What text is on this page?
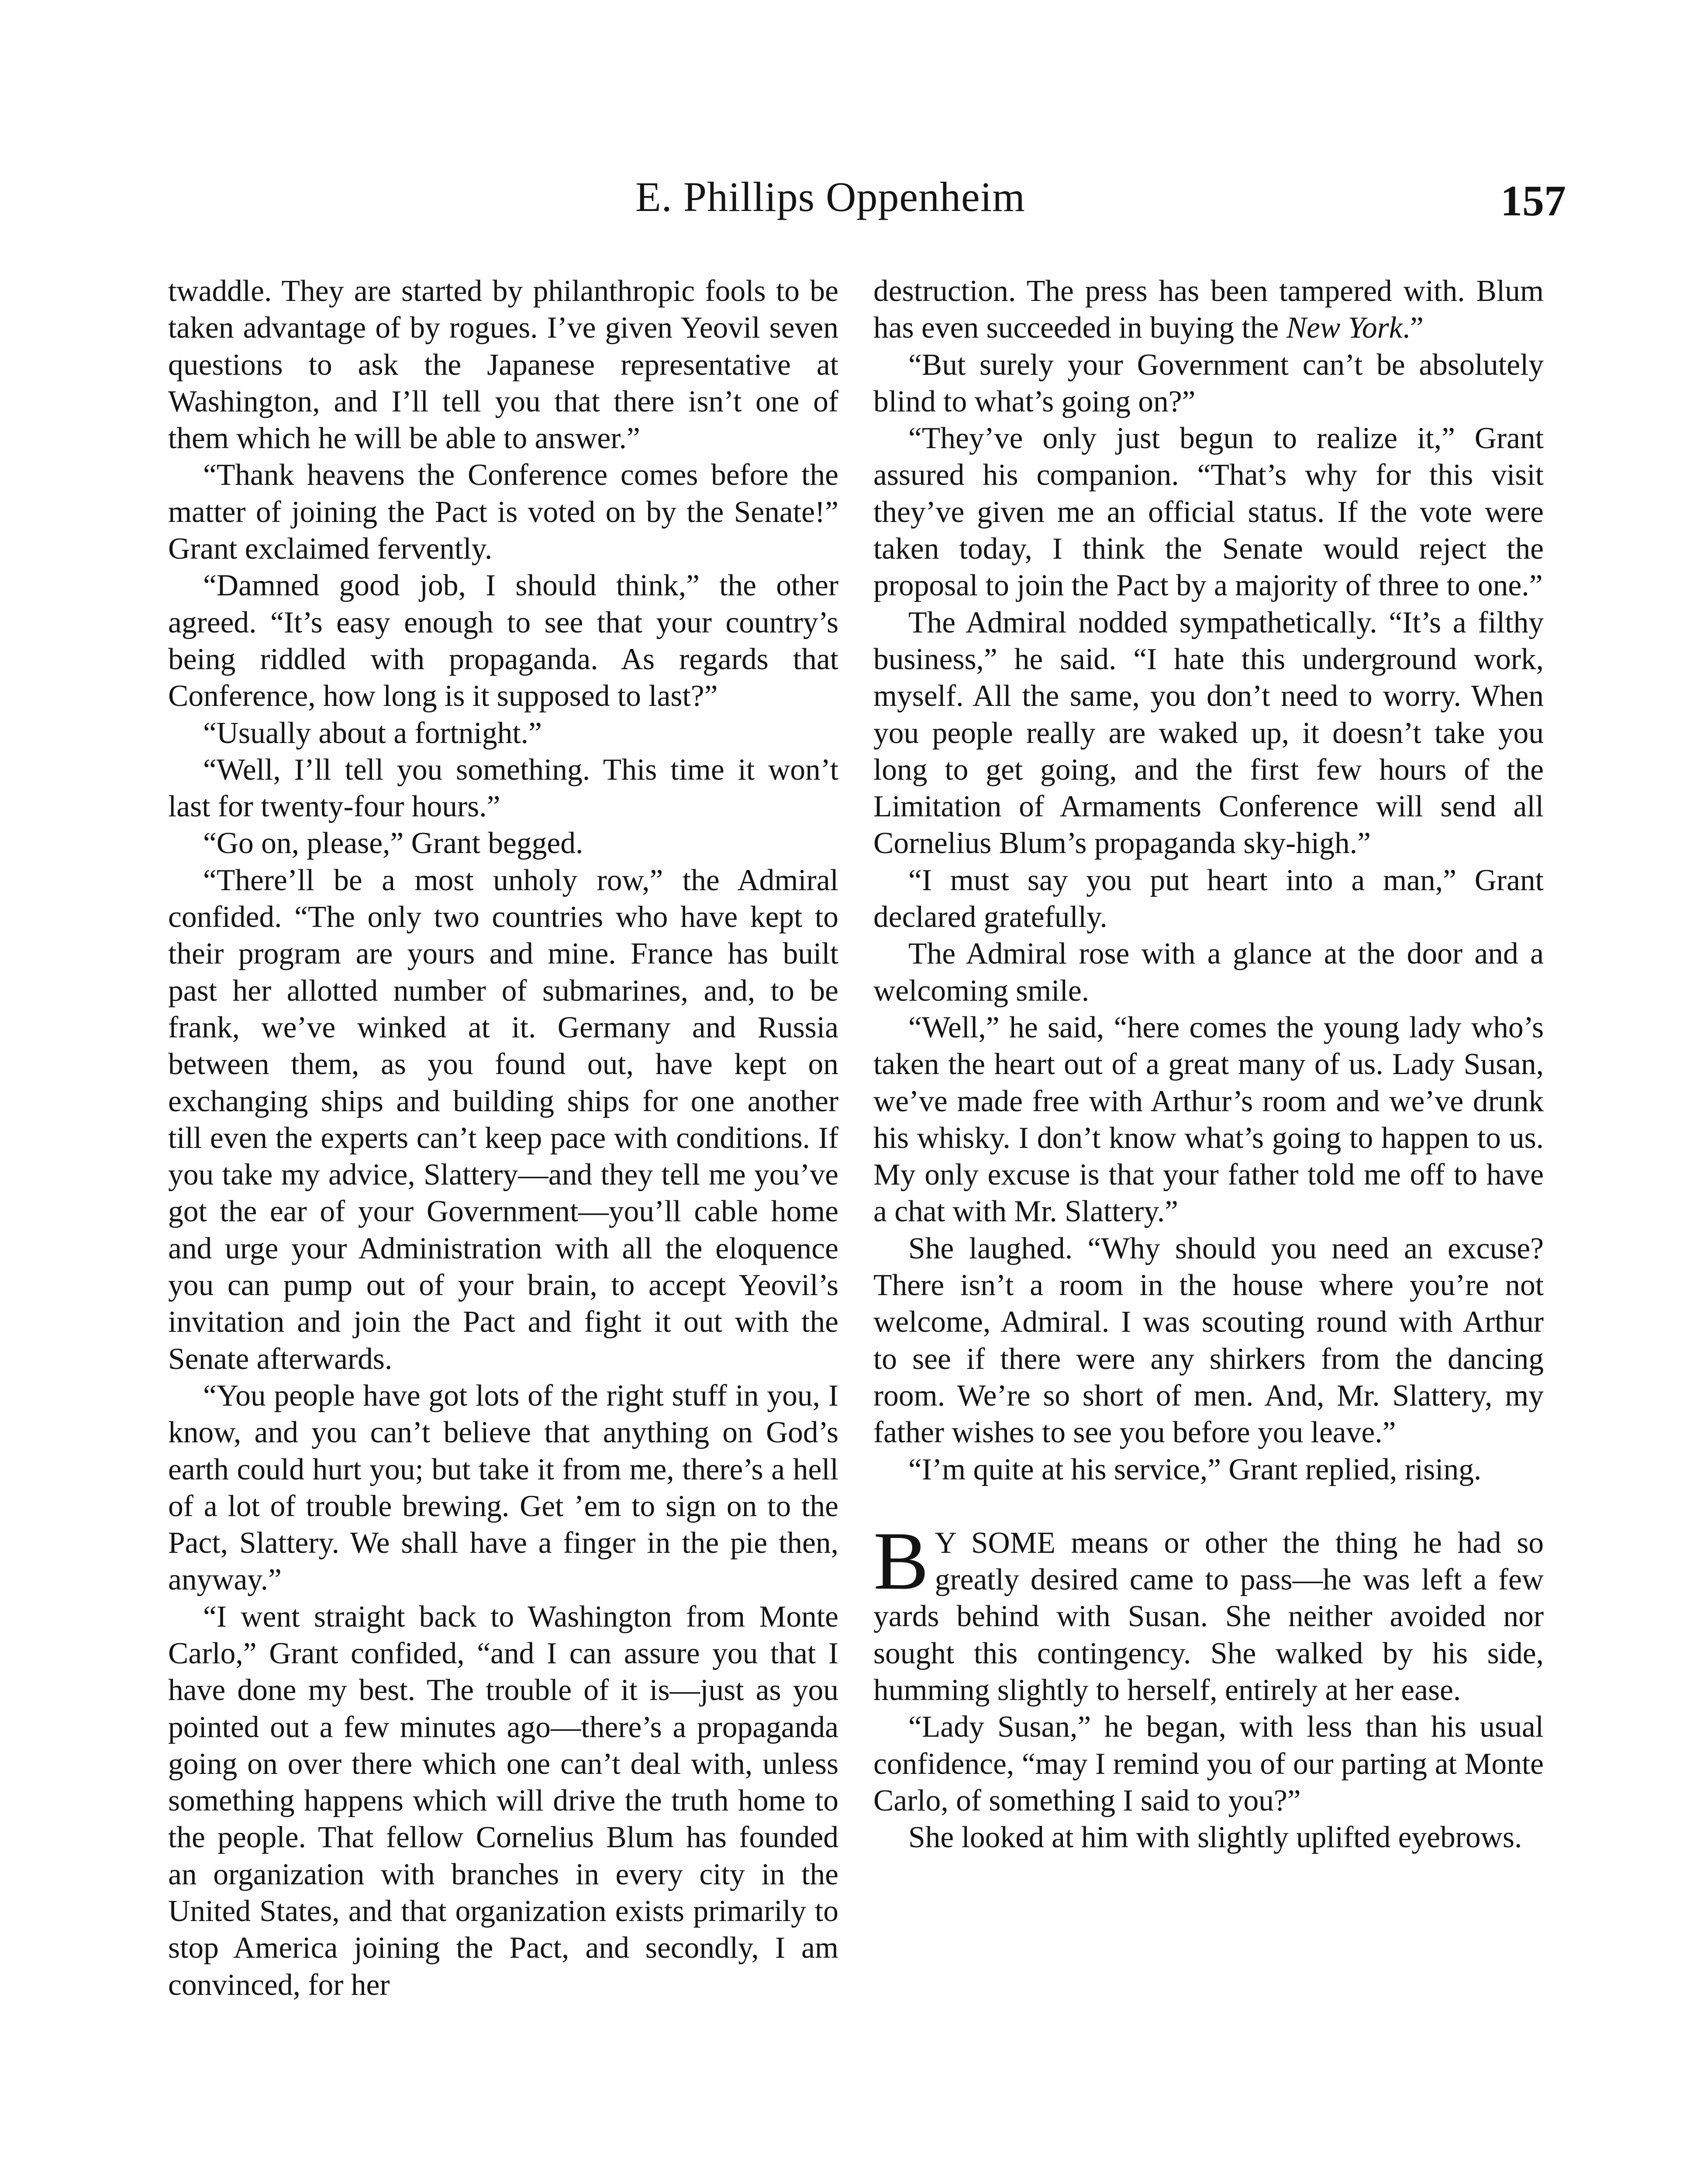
E. Phillips Oppenheim	157

twaddle. They are started by philanthropic fools to be taken advantage of by rogues. I’ve given Yeovil seven questions to ask the Japanese representative at Washington, and I’ll tell you that there isn’t one of them which he will be able to answer.”

“Thank heavens the Conference comes before the matter of joining the Pact is voted on by the Senate!” Grant exclaimed fervently.

“Damned good job, I should think,” the other agreed. “It’s easy enough to see that your country’s being riddled with propaganda. As regards that Conference, how long is it supposed to last?”

“Usually about a fortnight.”

“Well, I’ll tell you something. This time it won’t last for twenty-four hours.”

“Go on, please,” Grant begged.

“There’ll be a most unholy row,” the Admiral confided. “The only two countries who have kept to their program are yours and mine. France has built past her allotted number of submarines, and, to be frank, we’ve winked at it. Germany and Russia between them, as you found out, have kept on exchanging ships and building ships for one another till even the experts can’t keep pace with conditions. If you take my advice, Slattery—and they tell me you’ve got the ear of your Government—you’ll cable home and urge your Administration with all the eloquence you can pump out of your brain, to accept Yeovil’s invitation and join the Pact and fight it out with the Senate afterwards.

“You people have got lots of the right stuff in you, I know, and you can’t believe that anything on God’s earth could hurt you; but take it from me, there’s a hell of a lot of trouble brewing. Get ’em to sign on to the Pact, Slattery. We shall have a finger in the pie then, anyway.”

“I went straight back to Washington from Monte Carlo,” Grant confided, “and I can assure you that I have done my best. The trouble of it is—just as you pointed out a few minutes ago—there’s a propaganda going on over there which one can’t deal with, unless something happens which will drive the truth home to the people. That fellow Cornelius Blum has founded an organization with branches in every city in the United States, and that organization exists primarily to stop America joining the Pact, and secondly, I am convinced, for her

destruction. The press has been tampered with. Blum has even succeeded in buying the New York.”

“But surely your Government can’t be absolutely blind to what’s going on?”

“They’ve only just begun to realize it,” Grant assured his companion. “That’s why for this visit they’ve given me an official status. If the vote were taken today, I think the Senate would reject the proposal to join the Pact by a majority of three to one.”

The Admiral nodded sympathetically. “It’s a filthy business,” he said. “I hate this underground work, myself. All the same, you don’t need to worry. When you people really are waked up, it doesn’t take you long to get going, and the first few hours of the Limitation of Armaments Conference will send all Cornelius Blum’s propaganda sky-high.”

“I must say you put heart into a man,” Grant declared gratefully.

The Admiral rose with a glance at the door and a welcoming smile.

“Well,” he said, “here comes the young lady who’s taken the heart out of a great many of us. Lady Susan, we’ve made free with Arthur’s room and we’ve drunk his whisky. I don’t know what’s going to happen to us. My only excuse is that your father told me off to have a chat with Mr. Slattery.”

She laughed. “Why should you need an excuse? There isn’t a room in the house where you’re not welcome, Admiral. I was scouting round with Arthur to see if there were any shirkers from the dancing room. We’re so short of men. And, Mr. Slattery, my father wishes to see you before you leave.”

“I’m quite at his service,” Grant replied, rising.

B Y SOME means or other the thing he had so greatly desired came to pass—he was left a few yards behind with Susan. She neither avoided nor sought this contingency. She walked by his side, humming slightly to herself, entirely at her ease.

“Lady Susan,” he began, with less than his usual confidence, “may I remind you of our parting at Monte Carlo, of something I said to you?”

She looked at him with slightly uplifted eyebrows.
